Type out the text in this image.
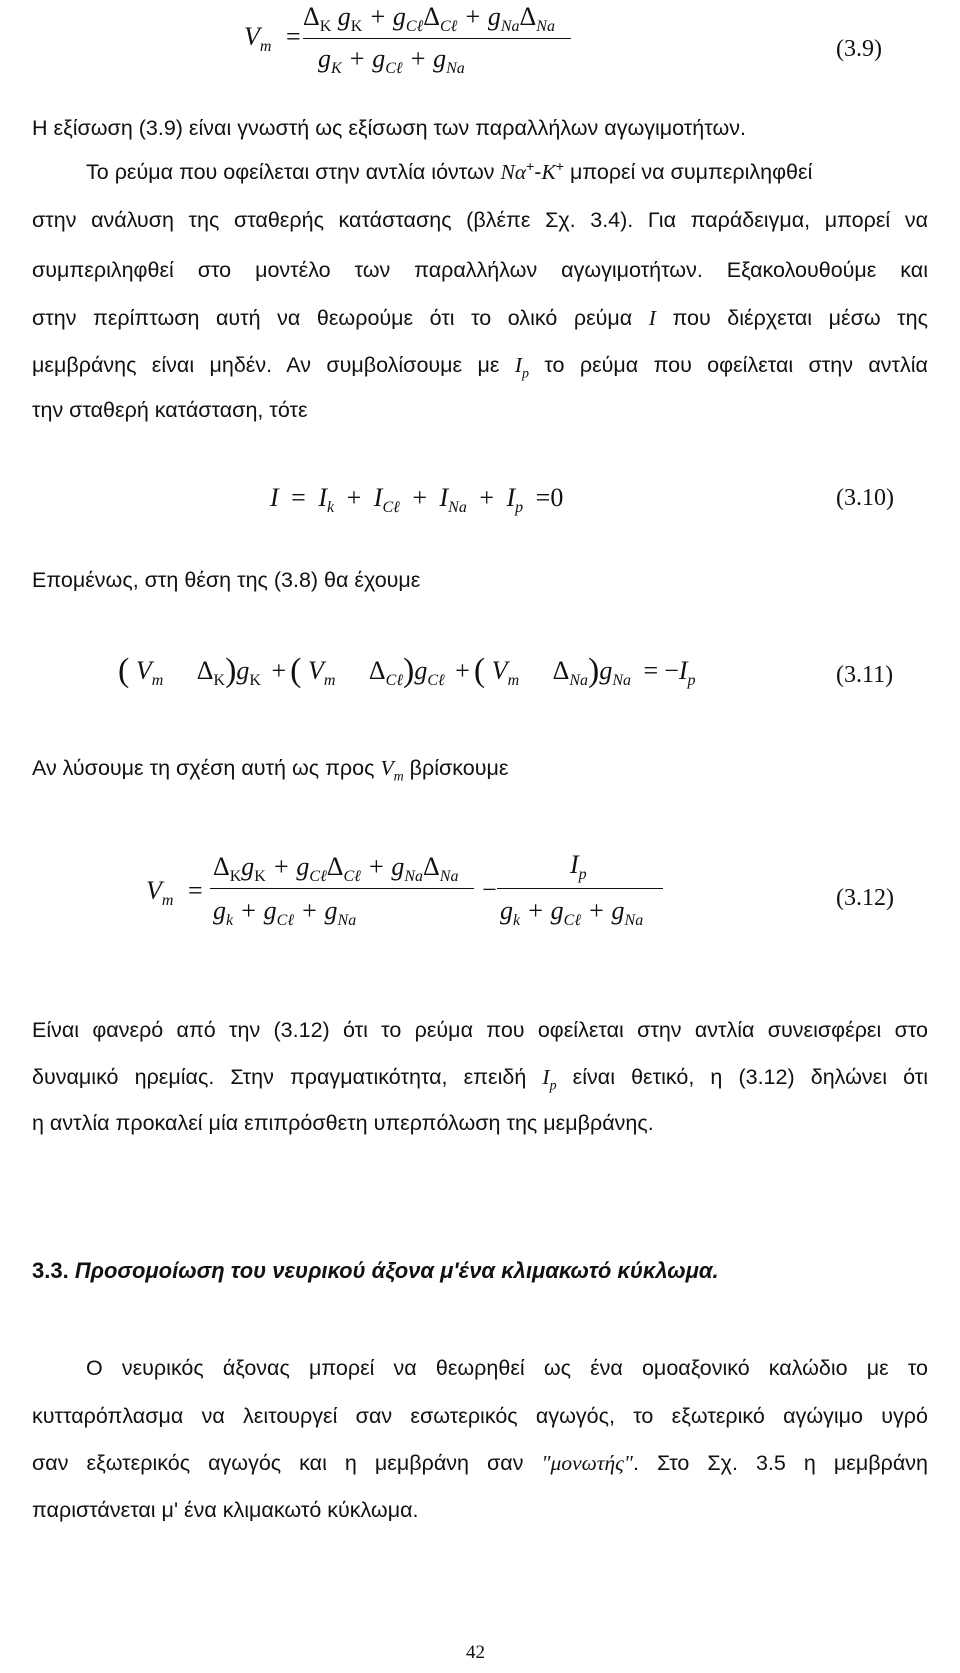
$V_m$ =
$\Delta_K$ $g_K + g_{C\ell}\Delta_{C\ell} + g_{Na}\Delta_{Na}$
$g_K + g_{C\ell} + g_{Na}$
(3.9)
Η εξίσωση (3.9) είναι γνωστή ως εξίσωση των παραλλήλων αγωγιμοτήτων.
Το ρεύμα που οφείλεται στην αντλία ιόντων Nα+-K+ μπορεί να συμπεριληφθεί
στην ανάλυση της σταθερής κατάστασης (βλέπε Σχ. 3.4). Για παράδειγμα, μπορεί να
συμπεριληφθεί στο μοντέλο των παραλλήλων αγωγιμοτήτων. Εξακολουθούμε και
στην περίπτωση αυτή να θεωρούμε ότι το ολικό ρεύμα I που διέρχεται μέσω της
μεμβράνης είναι μηδέν. Αν συμβολίσουμε με $I_p$ το ρεύμα που οφείλεται στην αντλία
την σταθερή κατάσταση, τότε
$I = I_k + I_{C\ell} + I_{Na} + I_p =0$	(3.10)
Επομένως, στη θέση της (3.8) θα έχουμε
( $V_m$ $\Delta_K)g_K$ + ( $V_m$ $\Delta_{C\ell})g_{C\ell}$ + ( $V_m$ $\Delta_{Na})g_{Na} = -I_p$	(3.11)
Αν λύσουμε τη σχέση αυτή ως προς $V_m$ βρίσκουμε
$V_m$ =
$\Delta_Kg_K + g_{C\ell}\Delta_{C\ell} + g_{Na}\Delta_{Na}$
$g_k + g_{C\ell} + g_{Na}$
−
$I_p$
$g_k + g_{C\ell} + g_{Na}$
(3.12)
Είναι φανερό από την (3.12) ότι το ρεύμα που οφείλεται στην αντλία συνεισφέρει στο
δυναμικό ηρεμίας. Στην πραγματικότητα, επειδή $I_p$ είναι θετικό, η (3.12) δηλώνει ότι
η αντλία προκαλεί μία επιπρόσθετη υπερπόλωση της μεμβράνης.
3.3. Προσομοίωση του νευρικού άξονα μ'ένα κλιμακωτό κύκλωμα.
Ο νευρικός άξονας μπορεί να θεωρηθεί ως ένα ομοαξονικό καλώδιο με το
κυτταρόπλασμα να λειτουργεί σαν εσωτερικός αγωγός, το εξωτερικό αγώγιμο υγρό
σαν εξωτερικός αγωγός και η μεμβράνη σαν "μονωτής". Στο Σχ. 3.5 η μεμβράνη
παριστάνεται μ' ένα κλιμακωτό κύκλωμα.
42
